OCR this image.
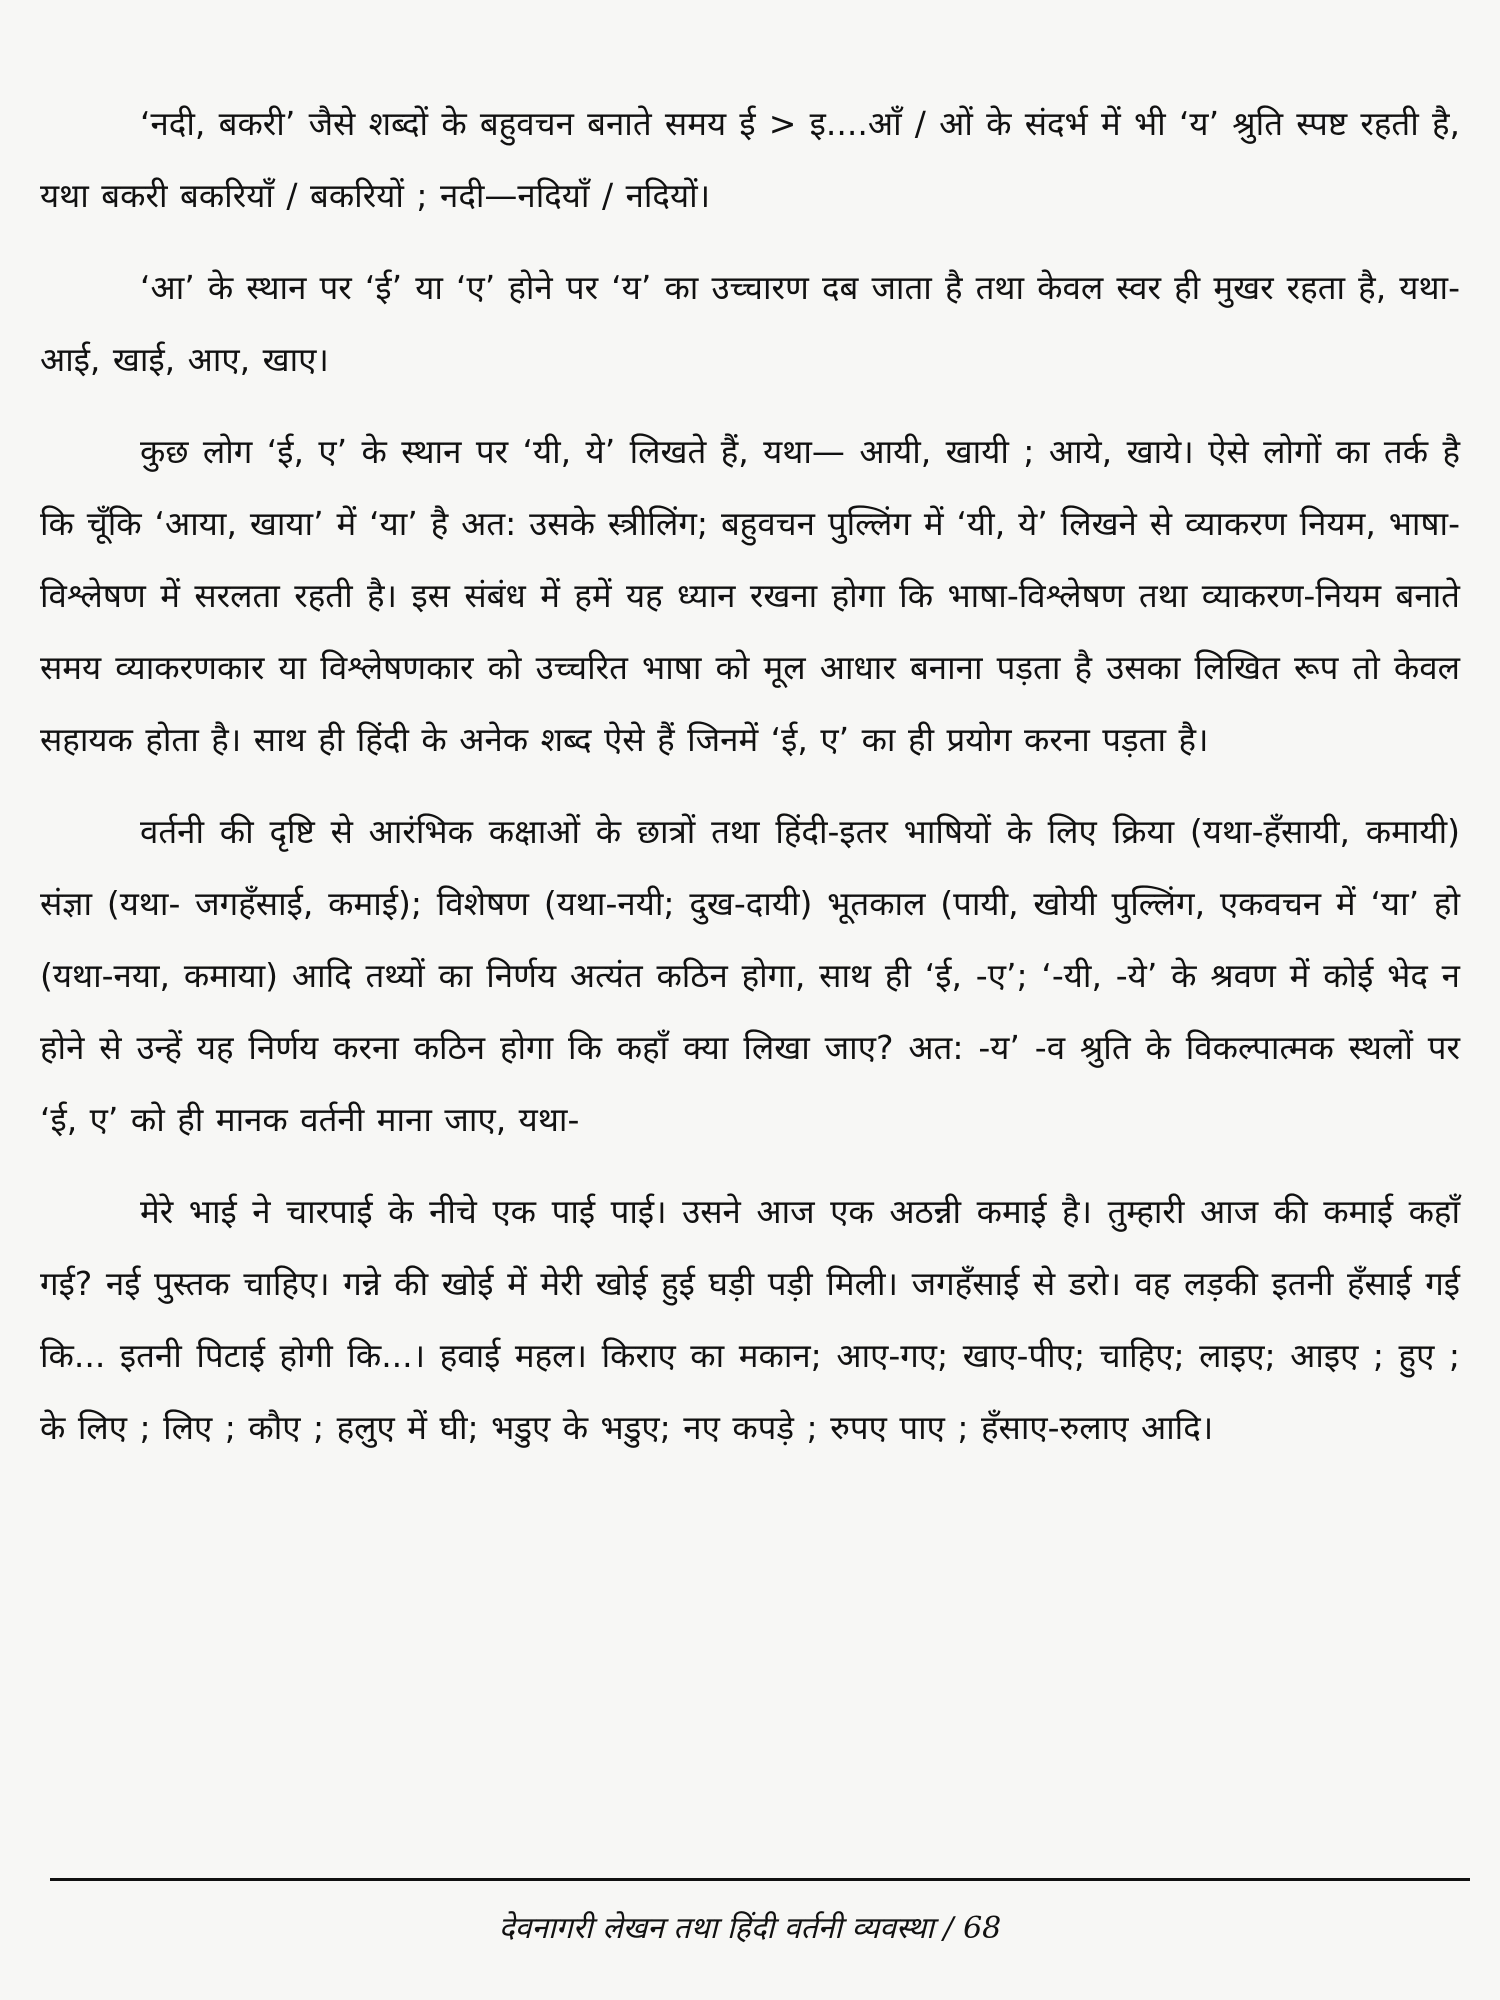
‘नदी, बकरी’ जैसे शब्दों के बहुवचन बनाते समय ई > इ....आँ / ओं के संदर्भ में भी ‘य’ श्रुति स्पष्ट रहती है, यथा बकरी बकरियाँ / बकरियों ; नदी—नदियाँ / नदियों।

‘आ’ के स्थान पर ‘ई’ या ‘ए’ होने पर ‘य’ का उच्चारण दब जाता है तथा केवल स्वर ही मुखर रहता है, यथा- आई, खाई, आए, खाए।

कुछ लोग ‘ई, ए’ के स्थान पर ‘यी, ये’ लिखते हैं, यथा— आयी, खायी ; आये, खाये। ऐसे लोगों का तर्क है कि चूँकि ‘आया, खाया’ में ‘या’ है अत: उसके स्त्रीलिंग; बहुवचन पुल्लिंग में ‘यी, ये’ लिखने से व्याकरण नियम, भाषा-विश्लेषण में सरलता रहती है। इस संबंध में हमें यह ध्यान रखना होगा कि भाषा-विश्लेषण तथा व्याकरण-नियम बनाते समय व्याकरणकार या विश्लेषणकार को उच्चरित भाषा को मूल आधार बनाना पड़ता है उसका लिखित रूप तो केवल सहायक होता है। साथ ही हिंदी के अनेक शब्द ऐसे हैं जिनमें ‘ई, ए’ का ही प्रयोग करना पड़ता है।

वर्तनी की दृष्टि से आरंभिक कक्षाओं के छात्रों तथा हिंदी-इतर भाषियों के लिए क्रिया (यथा-हँसायी, कमायी) संज्ञा (यथा- जगहँसाई, कमाई); विशेषण (यथा-नयी; दुख-दायी) भूतकाल (पायी, खोयी पुल्लिंग, एकवचन में ‘या’ हो (यथा-नया, कमाया) आदि तथ्यों का निर्णय अत्यंत कठिन होगा, साथ ही ‘ई, -ए’; ‘-यी, -ये’ के श्रवण में कोई भेद न होने से उन्हें यह निर्णय करना कठिन होगा कि कहाँ क्या लिखा जाए? अत: -य’ -व श्रुति के विकल्पात्मक स्थलों पर ‘ई, ए’ को ही मानक वर्तनी माना जाए, यथा-

मेरे भाई ने चारपाई के नीचे एक पाई पाई। उसने आज एक अठन्नी कमाई है। तुम्हारी आज की कमाई कहाँ गई? नई पुस्तक चाहिए। गन्ने की खोई में मेरी खोई हुई घड़ी पड़ी मिली। जगहँसाई से डरो। वह लड़की इतनी हँसाई गई कि... इतनी पिटाई होगी कि...। हवाई महल। किराए का मकान; आए-गए; खाए-पीए; चाहिए; लाइए; आइए ; हुए ; के लिए ; लिए ; कौए ; हलुए में घी; भडुए के भडुए; नए कपड़े ; रुपए पाए ; हँसाए-रुलाए आदि।

देवनागरी लेखन तथा हिंदी वर्तनी व्यवस्था / 68
